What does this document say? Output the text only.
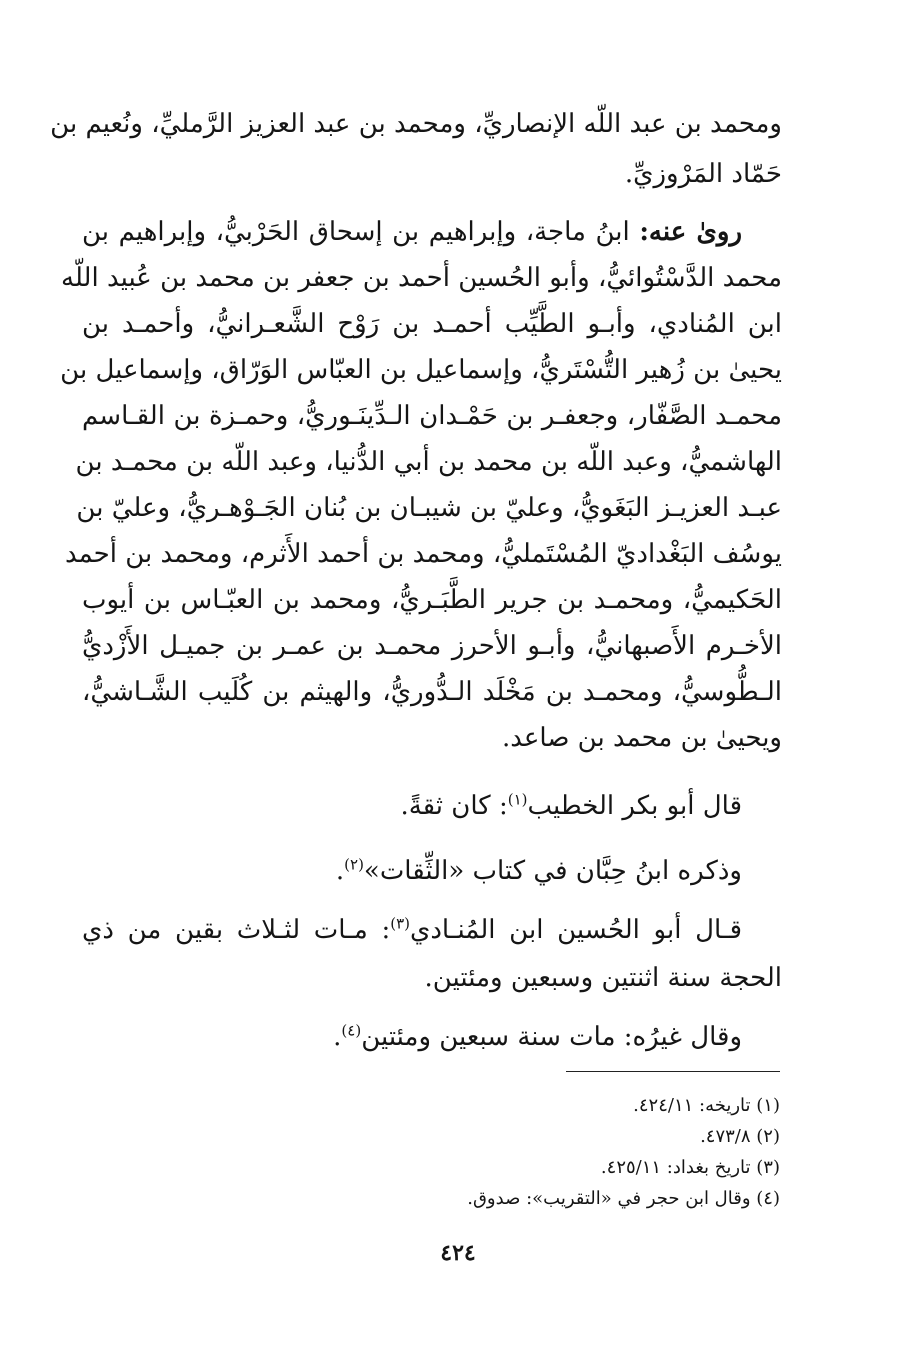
ومحمد بن عبد اللّه الإنصاريِّ، ومحمد بن عبد العزيز الرَّمليِّ، ونُعيم بن
حَمّاد المَرْوزيِّ.
روىٰ عنه: ابنُ ماجة، وإبراهيم بن إسحاق الحَرْبيُّ، وإبراهيم بن
محمد الدَّسْتُوائيُّ، وأبو الحُسين أحمد بن جعفر بن محمد بن عُبيد اللّه
ابن المُنادي، وأبـو الطَّيِّب أحمـد بن رَوْح الشَّعـرانيُّ، وأحمـد بن
يحيىٰ بن زُهير التُّسْتَريُّ، وإسماعيل بن العبّاس الوَرّاق، وإسماعيل بن
محمـد الصَّفّار، وجعفـر بن حَمْـدان الـدِّينَـوريُّ، وحمـزة بن القـاسم
الهاشميُّ، وعبد اللّه بن محمد بن أبي الدُّنيا، وعبد اللّه بن محمـد بن
عبـد العزيـز البَغَويُّ، وعليّ بن شيبـان بن بُنان الجَـوْهـريُّ، وعليّ بن
يوسُف البَغْداديّ المُسْتَمليُّ، ومحمد بن أحمد الأَثرم، ومحمد بن أحمد
الحَكيميُّ، ومحمـد بن جرير الطَّبَـريُّ، ومحمد بن العبّـاس بن أيوب
الأخـرم الأَصبهانيُّ، وأبـو الأحرز محمـد بن عمـر بن جميـل الأَزْديُّ
الـطُّوسيُّ، ومحمـد بن مَخْلَد الـدُّوريُّ، والهيثم بن كُلَيب الشَّـاشيُّ،
ويحيىٰ بن محمد بن صاعد.
قال أبو بكر الخطيب$^{(١)}$: كان ثقةً.
وذكره ابنُ حِبَّان في كتاب «الثِّقات»$^{(٢)}$.
قـال أبو الحُسين ابن المُنـادي$^{(٣)}$: مـات لثـلاث بقين من ذي
الحجة سنة اثنتين وسبعين ومئتين.
وقال غيرُه: مات سنة سبعين ومئتين$^{(٤)}$.
(١) تاريخه: ٤٢٤/١١.
(٢) ٤٧٣/٨.
(٣) تاريخ بغداد: ٤٢٥/١١.
(٤) وقال ابن حجر في «التقريب»: صدوق.
٤٢٤
